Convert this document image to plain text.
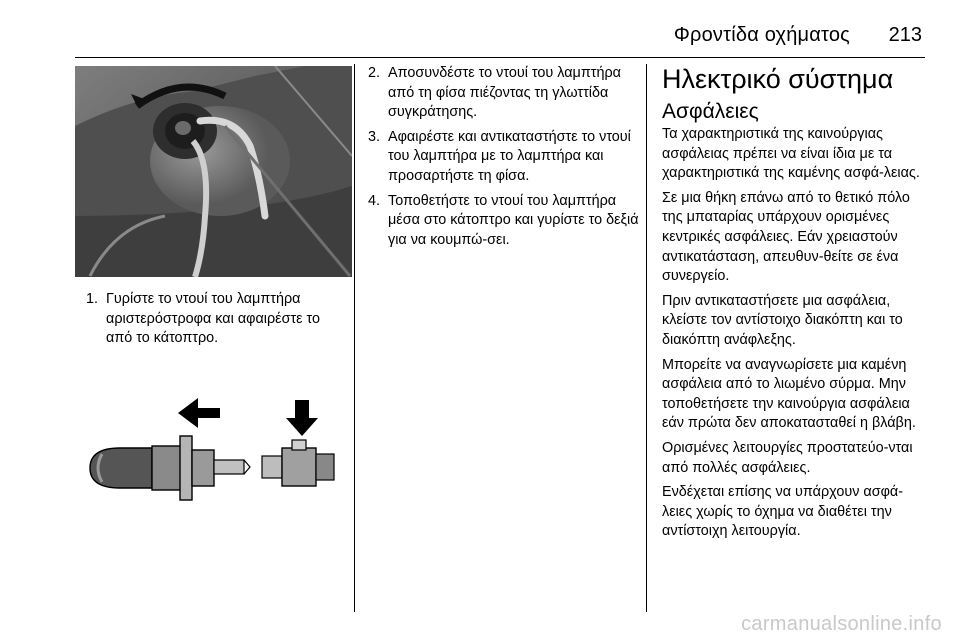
Φροντίδα οχήματος 213
1. Γυρίστε το ντουί του λαμπτήρα αριστερόστροφα και αφαιρέστε το από το κάτοπτρο.
2. Αποσυνδέστε το ντουί του λαμπτήρα από τη φίσα πιέζοντας τη γλωττίδα συγκράτησης.
3. Αφαιρέστε και αντικαταστήστε το ντουί του λαμπτήρα με το λαμπτήρα και προσαρτήστε τη φίσα.
4. Τοποθετήστε το ντουί του λαμπτήρα μέσα στο κάτοπτρο και γυρίστε το δεξιά για να κουμπώ-σει.
Ηλεκτρικό σύστημα
Ασφάλειες

Τα χαρακτηριστικά της καινούργιας ασφάλειας πρέπει να είναι ίδια με τα χαρακτηριστικά της καμένης ασφά-λειας.

Σε μια θήκη επάνω από το θετικό πόλο της μπαταρίας υπάρχουν ορισμένες κεντρικές ασφάλειες. Εάν χρειαστούν αντικατάσταση, απευθυν-θείτε σε ένα συνεργείο.

Πριν αντικαταστήσετε μια ασφάλεια, κλείστε τον αντίστοιχο διακόπτη και το διακόπτη ανάφλεξης.

Μπορείτε να αναγνωρίσετε μια καμένη ασφάλεια από το λιωμένο σύρμα. Μην τοποθετήσετε την καινούργια ασφάλεια εάν πρώτα δεν αποκατασταθεί η βλάβη.

Ορισμένες λειτουργίες προστατεύο-νται από πολλές ασφάλειες.

Ενδέχεται επίσης να υπάρχουν ασφά-λειες χωρίς το όχημα να διαθέτει την αντίστοιχη λειτουργία.

carmanualsonline.info
